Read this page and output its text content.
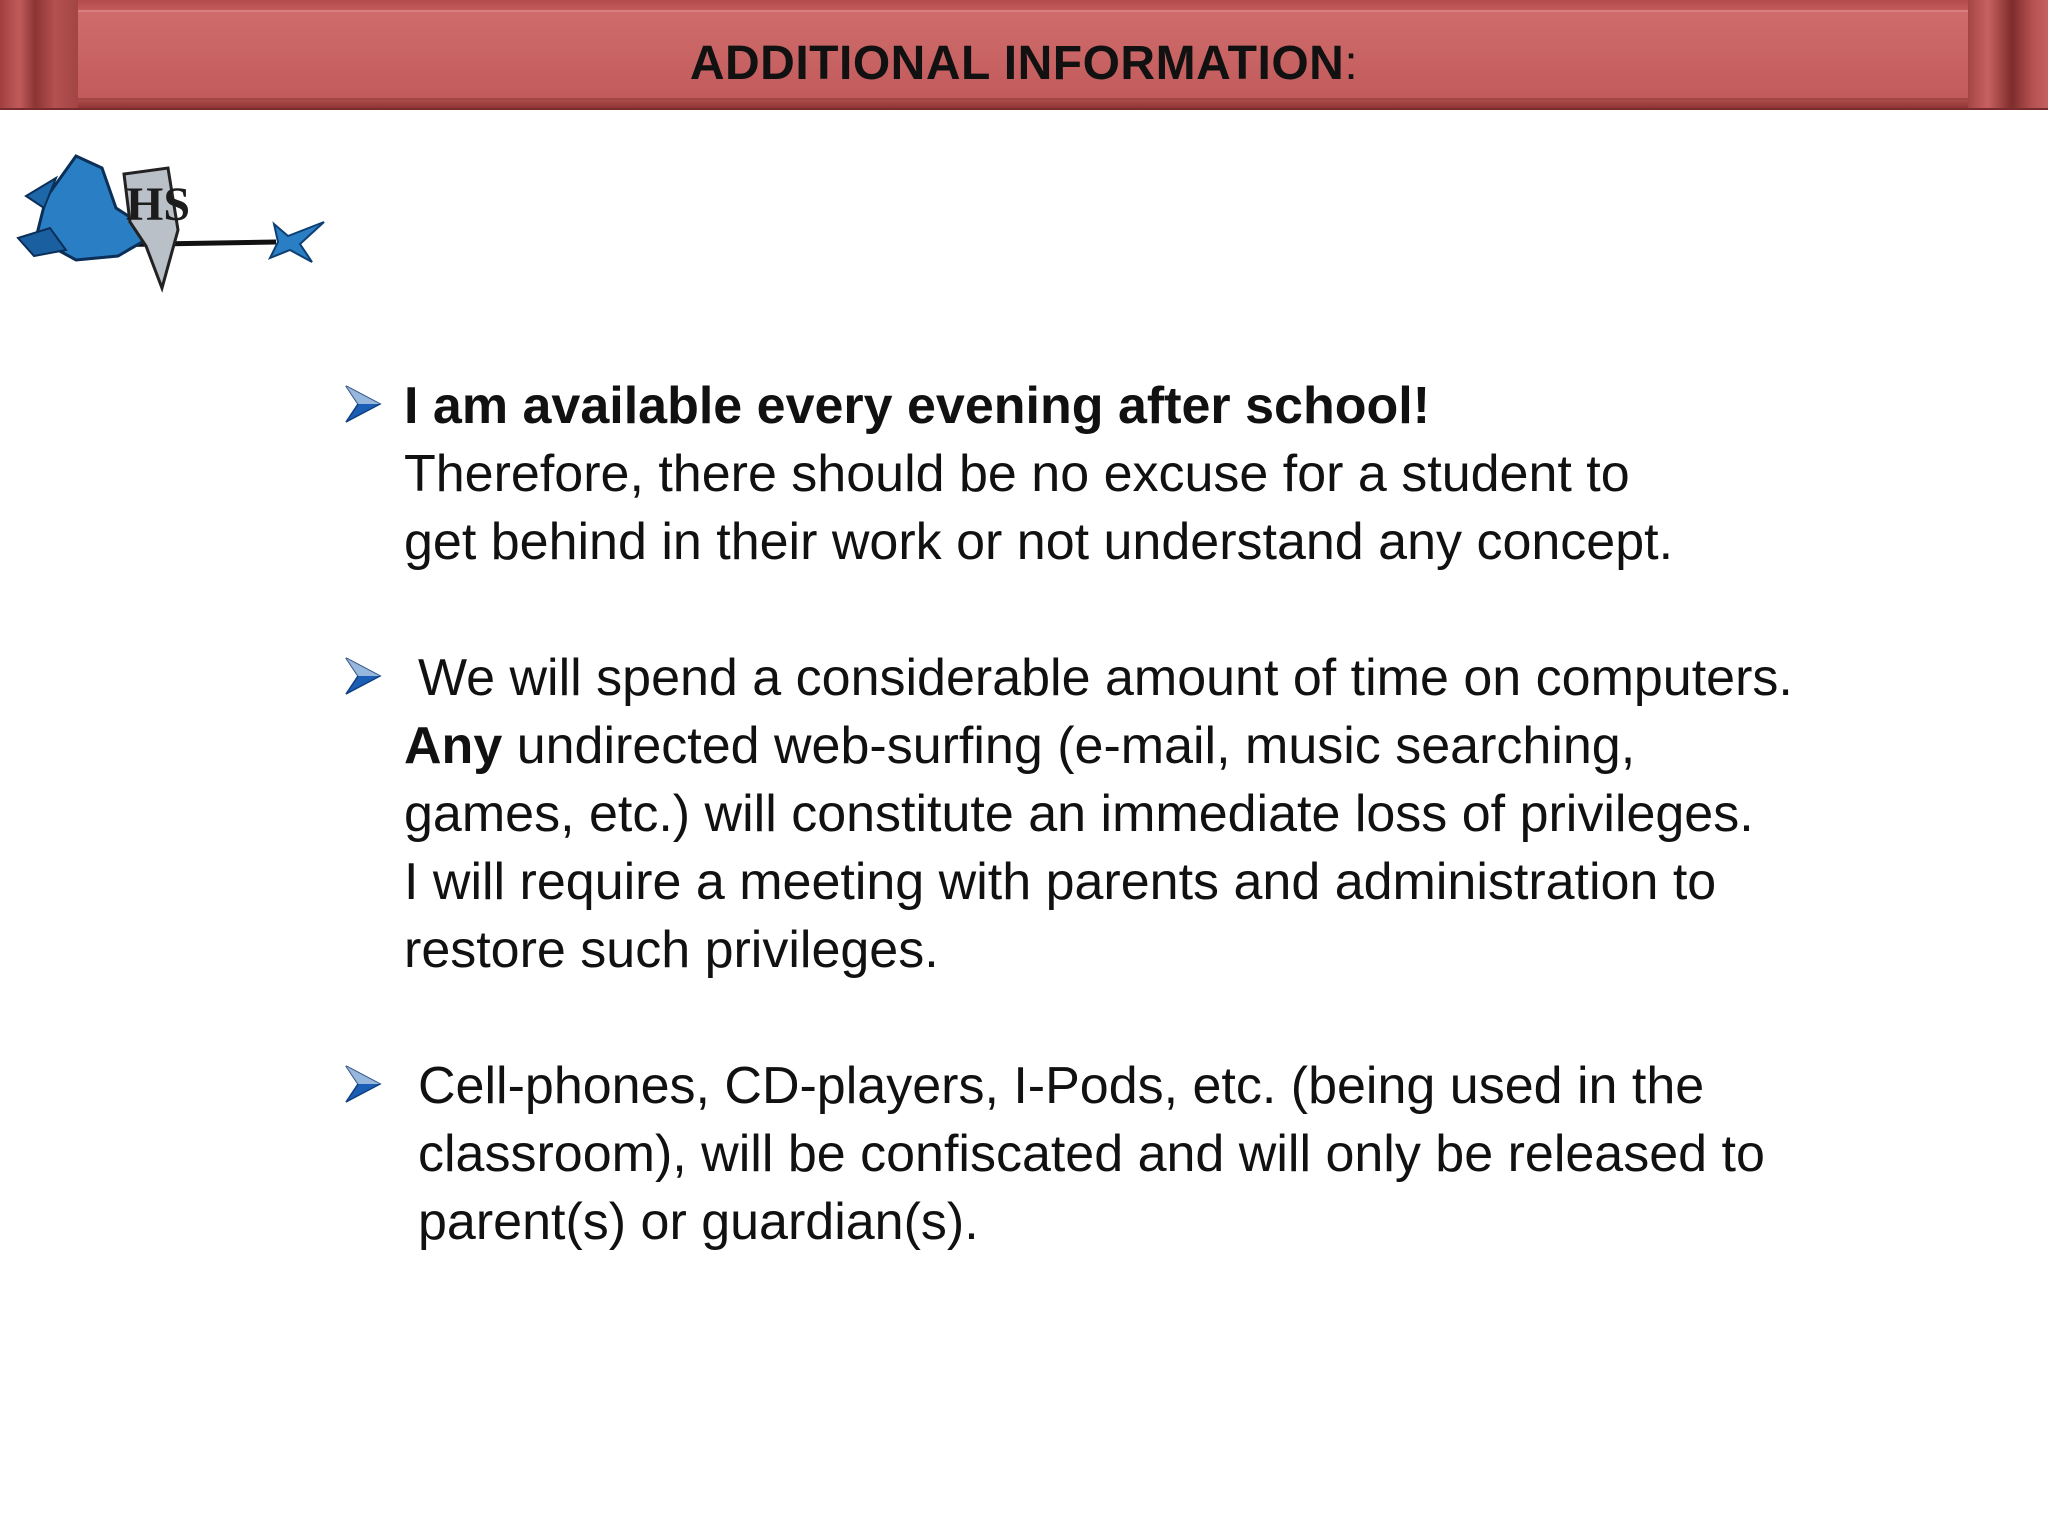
ADDITIONAL INFORMATION:
HS
I am available every evening after school!
Therefore, there should be no excuse for a student to
get behind in their work or not understand any concept.
We will spend a considerable amount of time on computers.
Any undirected web-surfing (e-mail, music searching,
games, etc.) will constitute an immediate loss of privileges.
I will require a meeting with parents and administration to
restore such privileges.
Cell-phones, CD-players, I-Pods, etc. (being used in the
classroom), will be confiscated and will only be released to
parent(s) or guardian(s).
